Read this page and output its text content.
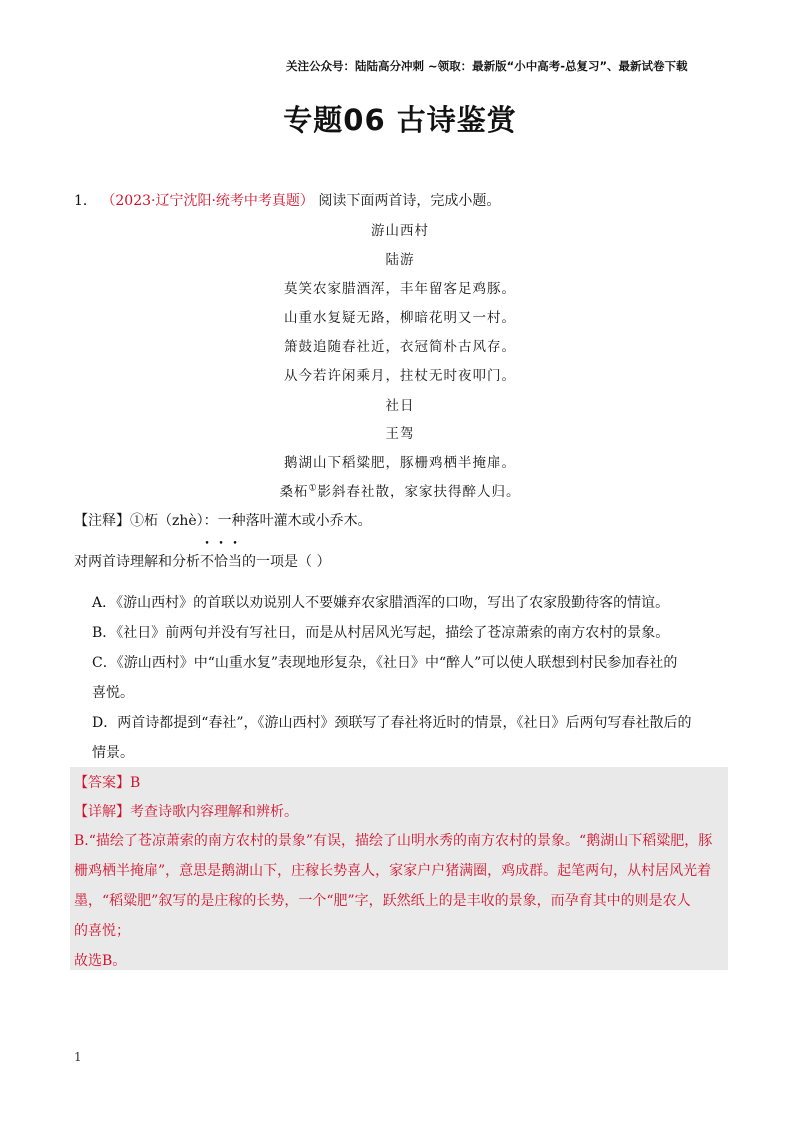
关注公众号：陆陆高分冲刺 ~领取：最新版“小中高考-总复习”、最新试卷下载
专题06 古诗鉴赏
1． （2023·辽宁沈阳·统考中考真题） 阅读下面两首诗，完成小题。
游山西村
陆游
莫笑农家腊酒浑，丰年留客足鸡豚。
山重水复疑无路，柳暗花明又一村。
箫鼓追随春社近，衣冠简朴古风存。
从今若许闲乘月，拄杖无时夜叩门。
社日
王驾
鹅湖山下稻粱肥，豚栅鸡栖半掩扉。
桑柘①影斜春社散，家家扶得醉人归。
【注释】①柘（zhè）：一种落叶灌木或小乔木。
对两首诗理解和分析不恰当的一项是（ ）
A．《游山西村》的首联以劝说别人不要嫌弃农家腊酒浑的口吻，写出了农家殷勤待客的情谊。
B．《社日》前两句并没有写社日，而是从村居风光写起，描绘了苍凉萧索的南方农村的景象。
C．《游山西村》中“山重水复”表现地形复杂，《社日》中“醉人”可以使人联想到村民参加春社的
喜悦。
D．两首诗都提到“春社”，《游山西村》颈联写了春社将近时的情景，《社日》后两句写春社散后的
情景。
【答案】B
【详解】考查诗歌内容理解和辨析。
B.“描绘了苍凉萧索的南方农村的景象”有误，描绘了山明水秀的南方农村的景象。“鹅湖山下稻粱肥，豚
栅鸡栖半掩扉”，意思是鹅湖山下，庄稼长势喜人，家家户户猪满圈，鸡成群。起笔两句，从村居风光着
墨，“稻粱肥”叙写的是庄稼的长势，一个“肥”字，跃然纸上的是丰收的景象，而孕育其中的则是农人
的喜悦；
故选B。
1
